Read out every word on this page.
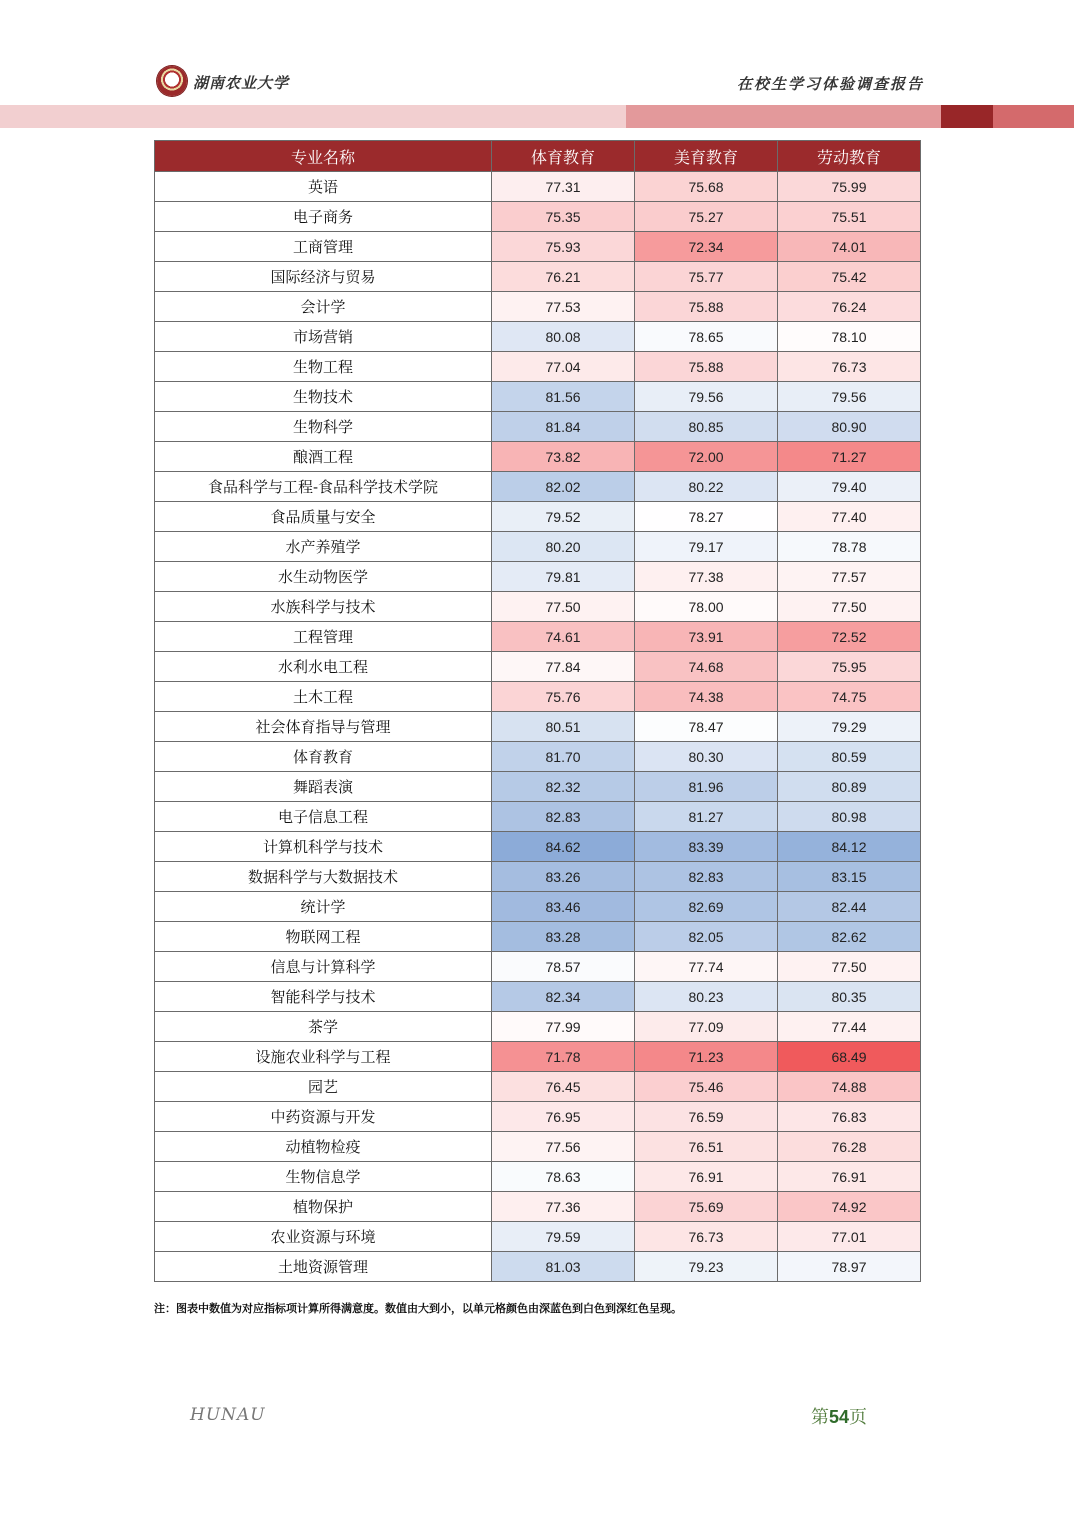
湖南农业大学	在校生学习体验调查报告
专业名称	体育教育	美育教育	劳动教育
英语	77.31	75.68	75.99
电子商务	75.35	75.27	75.51
工商管理	75.93	72.34	74.01
国际经济与贸易	76.21	75.77	75.42
会计学	77.53	75.88	76.24
市场营销	80.08	78.65	78.10
生物工程	77.04	75.88	76.73
生物技术	81.56	79.56	79.56
生物科学	81.84	80.85	80.90
酿酒工程	73.82	72.00	71.27
食品科学与工程-食品科学技术学院	82.02	80.22	79.40
食品质量与安全	79.52	78.27	77.40
水产养殖学	80.20	79.17	78.78
水生动物医学	79.81	77.38	77.57
水族科学与技术	77.50	78.00	77.50
工程管理	74.61	73.91	72.52
水利水电工程	77.84	74.68	75.95
土木工程	75.76	74.38	74.75
社会体育指导与管理	80.51	78.47	79.29
体育教育	81.70	80.30	80.59
舞蹈表演	82.32	81.96	80.89
电子信息工程	82.83	81.27	80.98
计算机科学与技术	84.62	83.39	84.12
数据科学与大数据技术	83.26	82.83	83.15
统计学	83.46	82.69	82.44
物联网工程	83.28	82.05	82.62
信息与计算科学	78.57	77.74	77.50
智能科学与技术	82.34	80.23	80.35
茶学	77.99	77.09	77.44
设施农业科学与工程	71.78	71.23	68.49
园艺	76.45	75.46	74.88
中药资源与开发	76.95	76.59	76.83
动植物检疫	77.56	76.51	76.28
生物信息学	78.63	76.91	76.91
植物保护	77.36	75.69	74.92
农业资源与环境	79.59	76.73	77.01
土地资源管理	81.03	79.23	78.97
注：图表中数值为对应指标项计算所得满意度。数值由大到小，以单元格颜色由深蓝色到白色到深红色呈现。
HUNAU	第54页
